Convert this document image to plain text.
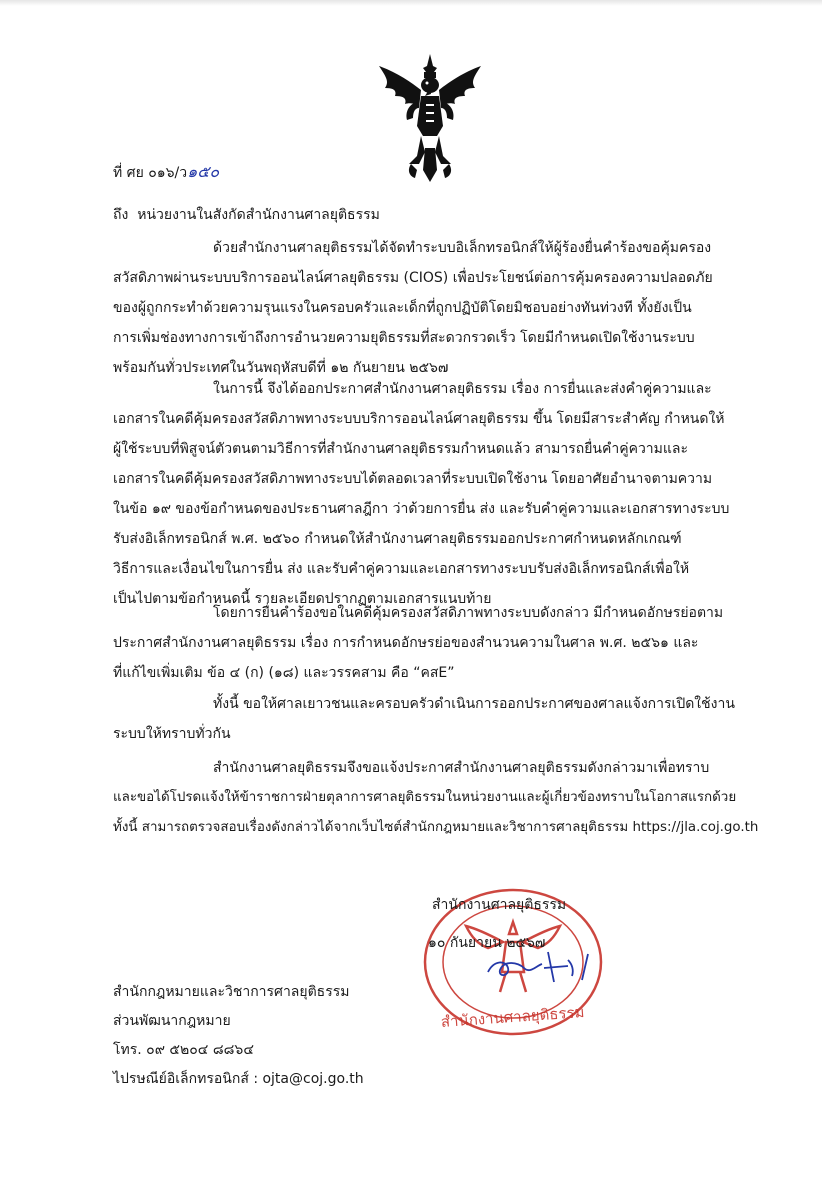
ที่ ศย ๐๑๖/ว๑๕๐
ถึง หน่วยงานในสังกัดสำนักงานศาลยุติธรรม
ด้วยสำนักงานศาลยุติธรรมได้จัดทำระบบอิเล็กทรอนิกส์ให้ผู้ร้องยื่นคำร้องขอคุ้มครอง
สวัสดิภาพผ่านระบบบริการออนไลน์ศาลยุติธรรม (CIOS) เพื่อประโยชน์ต่อการคุ้มครองความปลอดภัย
ของผู้ถูกกระทำด้วยความรุนแรงในครอบครัวและเด็กที่ถูกปฏิบัติโดยมิชอบอย่างทันท่วงที ทั้งยังเป็น
การเพิ่มช่องทางการเข้าถึงการอำนวยความยุติธรรมที่สะดวกรวดเร็ว โดยมีกำหนดเปิดใช้งานระบบ
พร้อมกันทั่วประเทศในวันพฤหัสบดีที่ ๑๒ กันยายน ๒๕๖๗
ในการนี้ จึงได้ออกประกาศสำนักงานศาลยุติธรรม เรื่อง การยื่นและส่งคำคู่ความและ
เอกสารในคดีคุ้มครองสวัสดิภาพทางระบบบริการออนไลน์ศาลยุติธรรม ขึ้น โดยมีสาระสำคัญ กำหนดให้
ผู้ใช้ระบบที่พิสูจน์ตัวตนตามวิธีการที่สำนักงานศาลยุติธรรมกำหนดแล้ว สามารถยื่นคำคู่ความและ
เอกสารในคดีคุ้มครองสวัสดิภาพทางระบบได้ตลอดเวลาที่ระบบเปิดใช้งาน โดยอาศัยอำนาจตามความ
ในข้อ ๑๙ ของข้อกำหนดของประธานศาลฎีกา ว่าด้วยการยื่น ส่ง และรับคำคู่ความและเอกสารทางระบบ
รับส่งอิเล็กทรอนิกส์ พ.ศ. ๒๕๖๐ กำหนดให้สำนักงานศาลยุติธรรมออกประกาศกำหนดหลักเกณฑ์
วิธีการและเงื่อนไขในการยื่น ส่ง และรับคำคู่ความและเอกสารทางระบบรับส่งอิเล็กทรอนิกส์เพื่อให้
เป็นไปตามข้อกำหนดนี้ รายละเอียดปรากฏตามเอกสารแนบท้าย
โดยการยื่นคำร้องขอในคดีคุ้มครองสวัสดิภาพทางระบบดังกล่าว มีกำหนดอักษรย่อตาม
ประกาศสำนักงานศาลยุติธรรม เรื่อง การกำหนดอักษรย่อของสำนวนความในศาล พ.ศ. ๒๕๖๑ และ
ที่แก้ไขเพิ่มเติม ข้อ ๔ (ก) (๑๘) และวรรคสาม คือ “คสE”
ทั้งนี้ ขอให้ศาลเยาวชนและครอบครัวดำเนินการออกประกาศของศาลแจ้งการเปิดใช้งาน
ระบบให้ทราบทั่วกัน
สำนักงานศาลยุติธรรมจึงขอแจ้งประกาศสำนักงานศาลยุติธรรมดังกล่าวมาเพื่อทราบ
และขอได้โปรดแจ้งให้ข้าราชการฝ่ายตุลาการศาลยุติธรรมในหน่วยงานและผู้เกี่ยวข้องทราบในโอกาสแรกด้วย
ทั้งนี้ สามารถตรวจสอบเรื่องดังกล่าวได้จากเว็บไซต์สำนักกฎหมายและวิชาการศาลยุติธรรม https://jla.coj.go.th
สำนักงานศาลยุติธรรม
สำนักงานศาลยุติธรรม
๑๐ กันยายน ๒๕๖๗
สำนักกฎหมายและวิชาการศาลยุติธรรม
ส่วนพัฒนากฎหมาย
โทร. ๐๙ ๕๒๐๔ ๘๘๖๔
ไปรษณีย์อิเล็กทรอนิกส์ : ojta@coj.go.th
